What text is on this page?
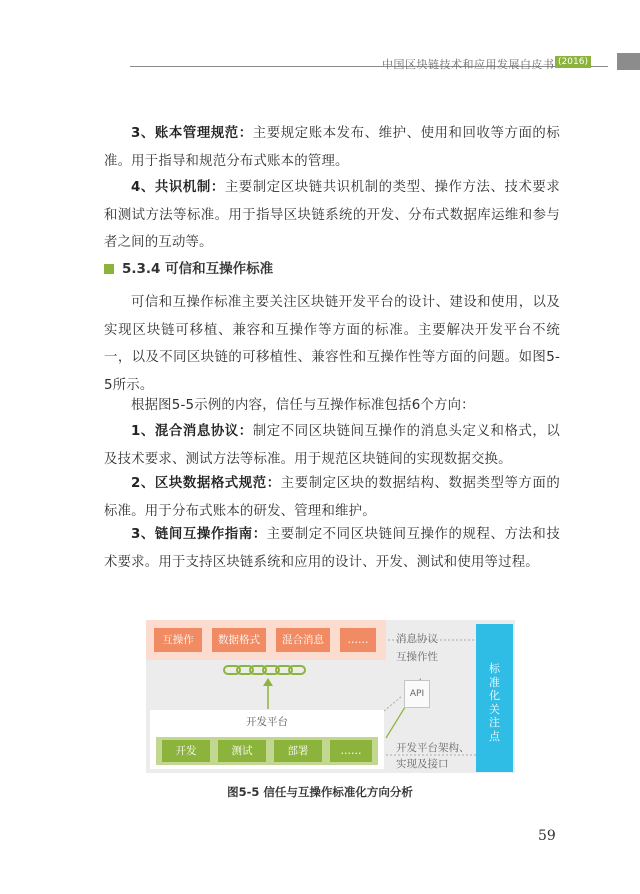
中国区块链技术和应用发展白皮书 (2016)
3、账本管理规范：主要规定账本发布、维护、使用和回收等方面的标准。用于指导和规范分布式账本的管理。
4、共识机制：主要制定区块链共识机制的类型、操作方法、技术要求和测试方法等标准。用于指导区块链系统的开发、分布式数据库运维和参与者之间的互动等。
5.3.4 可信和互操作标准
可信和互操作标准主要关注区块链开发平台的设计、建设和使用，以及实现区块链可移植、兼容和互操作等方面的标准。主要解决开发平台不统一，以及不同区块链的可移植性、兼容性和互操作性等方面的问题。如图5-5所示。
根据图5-5示例的内容，信任与互操作标准包括6个方向：
1、混合消息协议：制定不同区块链间互操作的消息头定义和格式，以及技术要求、测试方法等标准。用于规范区块链间的实现数据交换。
2、区块数据格式规范：主要制定区块的数据结构、数据类型等方面的标准。用于分布式账本的研发、管理和维护。
3、链间互操作指南：主要制定不同区块链间互操作的规程、方法和技术要求。用于支持区块链系统和应用的设计、开发、测试和使用等过程。
互操作	数据格式	混合消息	……	消息协议
互操作性
API
开发平台
开发	测试	部署	……	开发平台架构、
实现及接口
标
准
化
关
注
点
图5-5 信任与互操作标准化方向分析
59
